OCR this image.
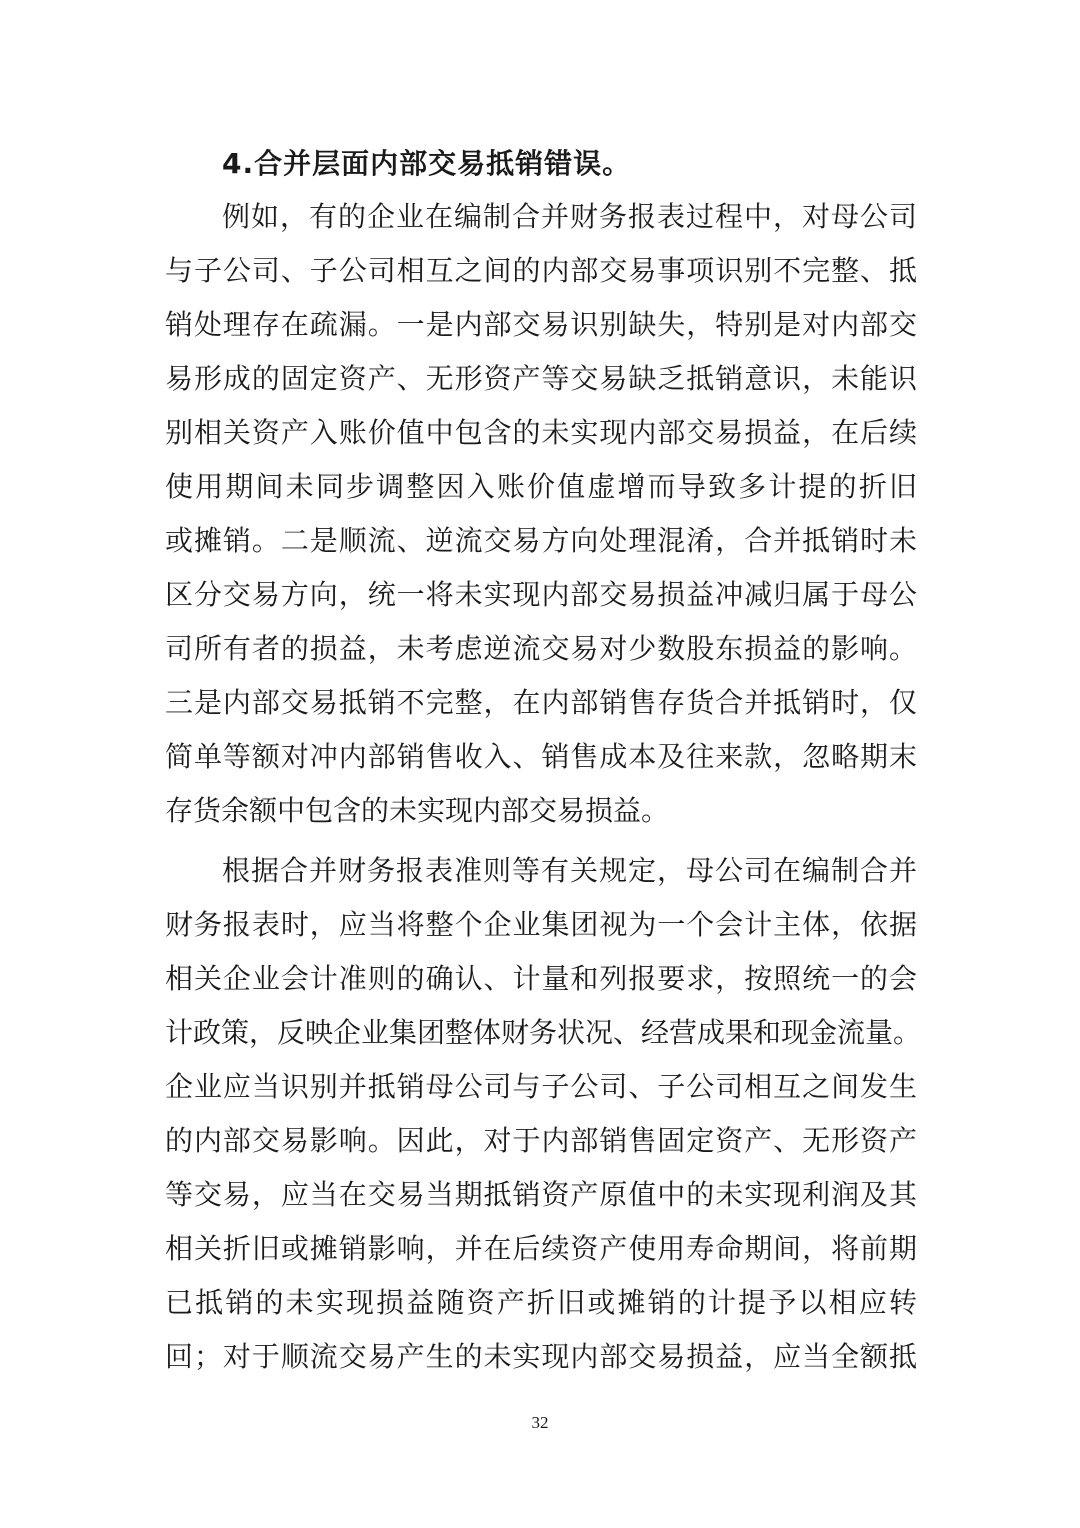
4.合并层面内部交易抵销错误。

例如，有的企业在编制合并财务报表过程中，对母公司

与子公司、子公司相互之间的内部交易事项识别不完整、抵

销处理存在疏漏。一是内部交易识别缺失，特别是对内部交

易形成的固定资产、无形资产等交易缺乏抵销意识，未能识

别相关资产入账价值中包含的未实现内部交易损益，在后续

使用期间未同步调整因入账价值虚增而导致多计提的折旧

或摊销。二是顺流、逆流交易方向处理混淆，合并抵销时未

区分交易方向，统一将未实现内部交易损益冲减归属于母公

司所有者的损益，未考虑逆流交易对少数股东损益的影响。

三是内部交易抵销不完整，在内部销售存货合并抵销时，仅

简单等额对冲内部销售收入、销售成本及往来款，忽略期末

存货余额中包含的未实现内部交易损益。

根据合并财务报表准则等有关规定，母公司在编制合并

财务报表时，应当将整个企业集团视为一个会计主体，依据

相关企业会计准则的确认、计量和列报要求，按照统一的会

计政策，反映企业集团整体财务状况、经营成果和现金流量。

企业应当识别并抵销母公司与子公司、子公司相互之间发生

的内部交易影响。因此，对于内部销售固定资产、无形资产

等交易，应当在交易当期抵销资产原值中的未实现利润及其

相关折旧或摊销影响，并在后续资产使用寿命期间，将前期

已抵销的未实现损益随资产折旧或摊销的计提予以相应转

回；对于顺流交易产生的未实现内部交易损益，应当全额抵

32
